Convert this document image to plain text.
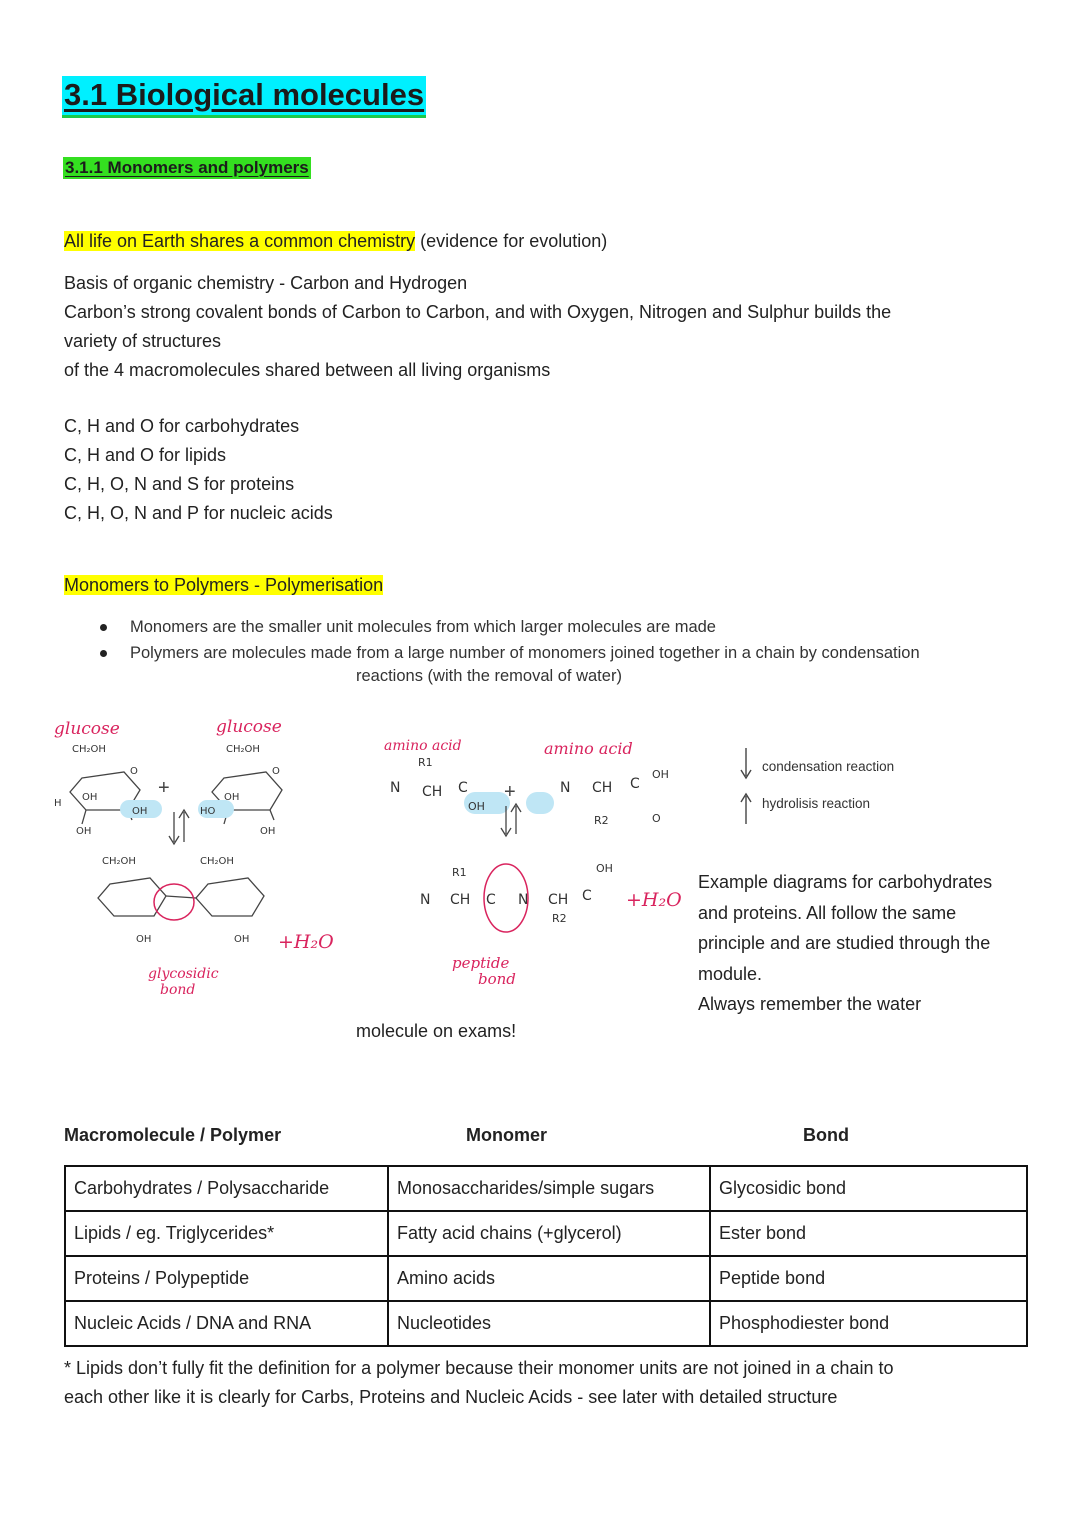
3.1 Biological molecules
3.1.1 Monomers and polymers
All life on Earth shares a common chemistry (evidence for evolution)
Basis of organic chemistry - Carbon and Hydrogen
Carbon’s strong covalent bonds of Carbon to Carbon, and with Oxygen, Nitrogen and Sulphur builds the
variety of structures
of the 4 macromolecules shared between all living organisms
C, H and O for carbohydrates
C, H and O for lipids
C, H, O, N and S for proteins
C, H, O, N and P for nucleic acids
Monomers to Polymers - Polymerisation
Monomers are the smaller unit molecules from which larger molecules are made
Polymers are molecules made from a large number of monomers joined together in a chain by condensation
reactions (with the removal of water)
glucose	glucose
CH₂OH	CH₂OH
CH₂OH	CH₂OH
OH	HO
OH	OH
OH	OH
OH	OH
H
O	O
+
+H₂O
glycosidic
bond
amino acid	amino acid
N CH C
R1
OH
N CH C
R2
OH
O
N CH C N CH C
R1
R2
OH
+
+H₂O
peptide
bond
condensation reaction
hydrolisis reaction
Example diagrams for carbohydrates
and proteins. All follow the same
principle and are studied through the
module.
Always remember the water
molecule on exams!
Macromolecule / Polymer	Monomer	Bond
Carbohydrates / Polysaccharide	Monosaccharides/simple sugars	Glycosidic bond
Lipids / eg. Triglycerides*	Fatty acid chains (+glycerol)	Ester bond
Proteins / Polypeptide	Amino acids	Peptide bond
Nucleic Acids / DNA and RNA	Nucleotides	Phosphodiester bond
* Lipids don’t fully fit the definition for a polymer because their monomer units are not joined in a chain to
each other like it is clearly for Carbs, Proteins and Nucleic Acids - see later with detailed structure
